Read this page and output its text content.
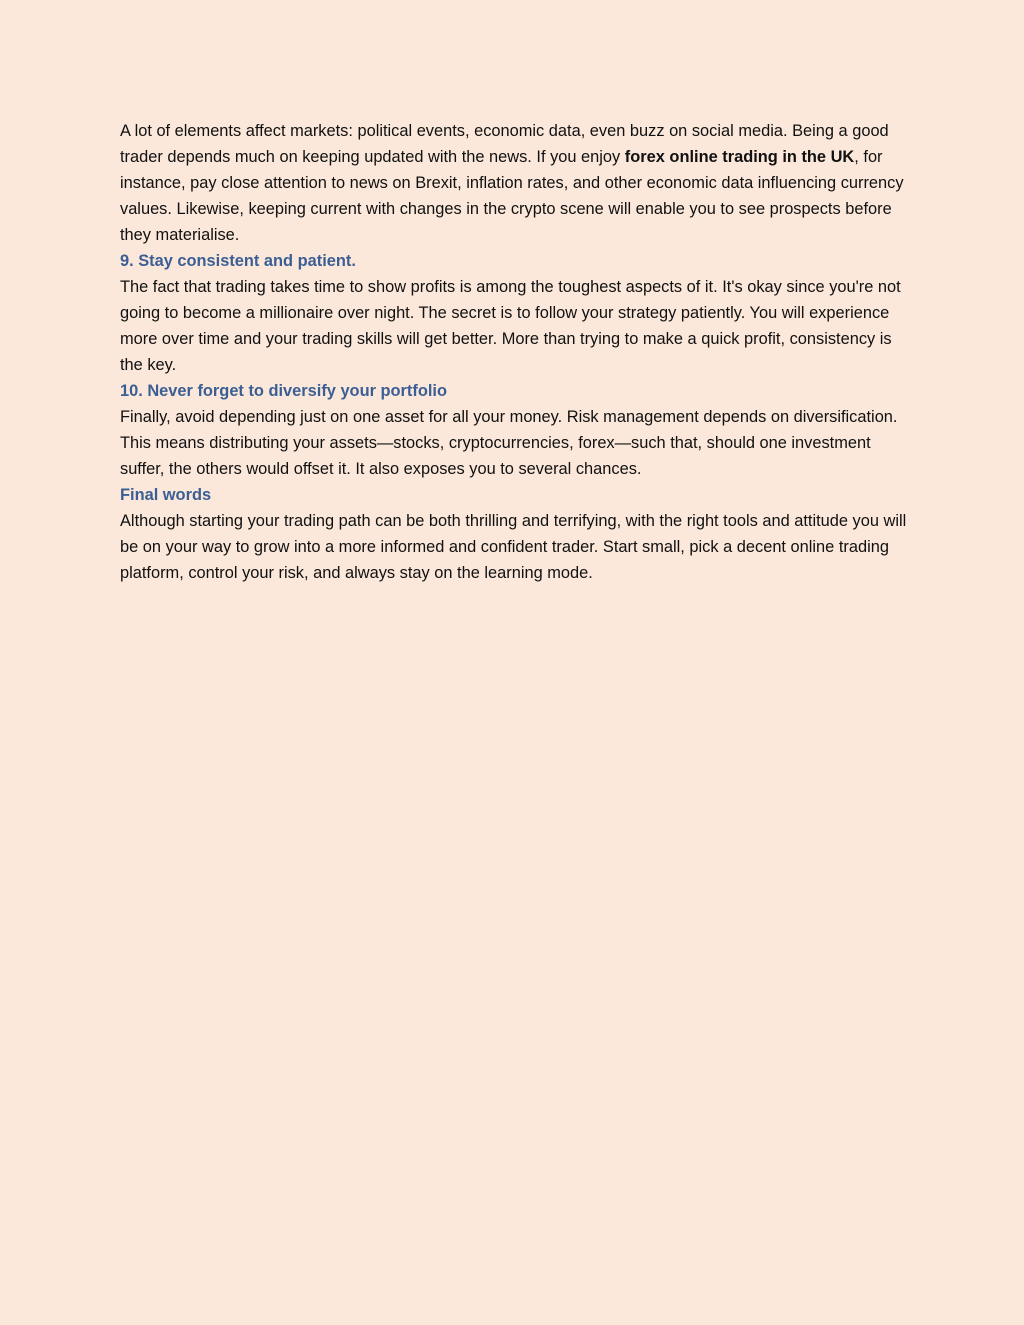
A lot of elements affect markets: political events, economic data, even buzz on social media. Being a good trader depends much on keeping updated with the news. If you enjoy forex online trading in the UK, for instance, pay close attention to news on Brexit, inflation rates, and other economic data influencing currency values. Likewise, keeping current with changes in the crypto scene will enable you to see prospects before they materialise.

9. Stay consistent and patient.

The fact that trading takes time to show profits is among the toughest aspects of it. It's okay since you're not going to become a millionaire over night. The secret is to follow your strategy patiently. You will experience more over time and your trading skills will get better. More than trying to make a quick profit, consistency is the key.

10. Never forget to diversify your portfolio

Finally, avoid depending just on one asset for all your money. Risk management depends on diversification. This means distributing your assets—stocks, cryptocurrencies, forex—such that, should one investment suffer, the others would offset it. It also exposes you to several chances.

Final words

Although starting your trading path can be both thrilling and terrifying, with the right tools and attitude you will be on your way to grow into a more informed and confident trader. Start small, pick a decent online trading platform, control your risk, and always stay on the learning mode.
